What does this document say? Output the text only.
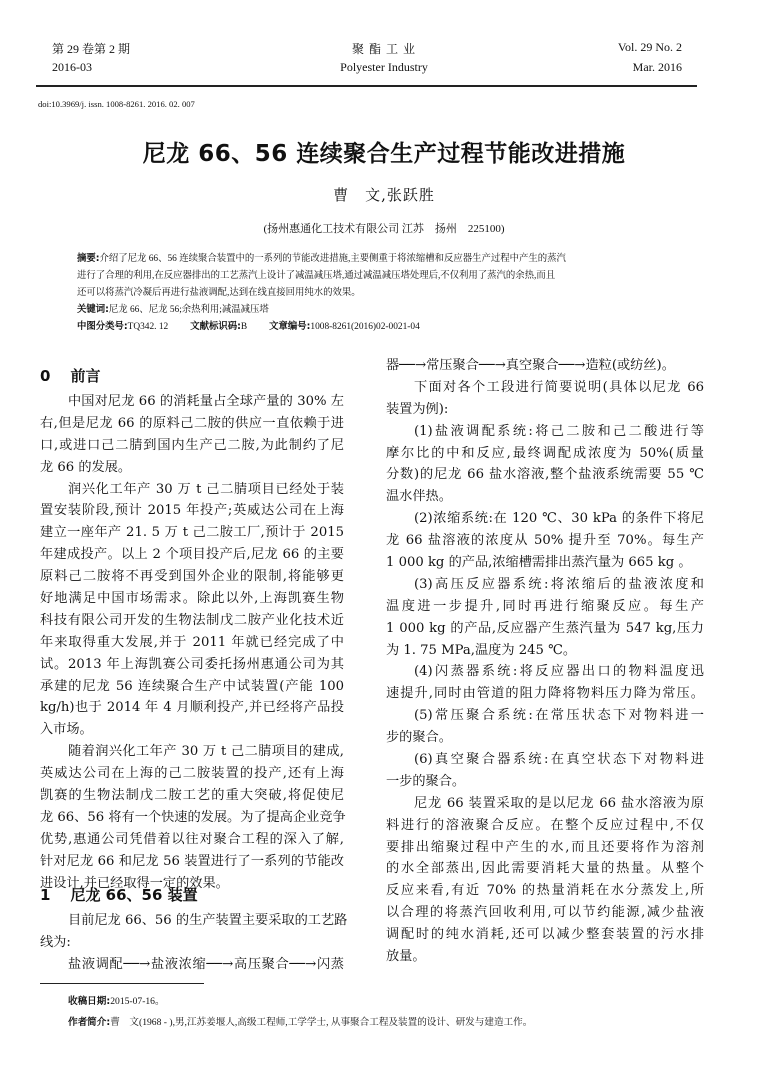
第 29 卷第 2 期
2016-03
聚 酯 工 业
Polyester Industry
Vol. 29 No. 2
Mar. 2016
doi:10.3969/j. issn. 1008-8261. 2016. 02. 007
尼龙 66、56 连续聚合生产过程节能改进措施
曹　文,张跃胜
(扬州惠通化工技术有限公司 江苏　扬州　225100)
摘要:介绍了尼龙 66、56 连续聚合装置中的一系列的节能改进措施,主要侧重于将浓缩槽和反应器生产过程中产生的蒸汽
进行了合理的利用,在反应器排出的工艺蒸汽上设计了减温减压塔,通过减温减压塔处理后,不仅利用了蒸汽的余热,而且
还可以将蒸汽冷凝后再进行盐液调配,达到在线直接回用纯水的效果。
关键词:尼龙 66、尼龙 56;余热利用;减温减压塔
中图分类号:TQ342. 12 文献标识码:B 文章编号:1008-8261(2016)02-0021-04
0 前言
中国对尼龙 66 的消耗量占全球产量的 30% 左
右,但是尼龙 66 的原料己二胺的供应一直依赖于进
口,或进口己二腈到国内生产己二胺,为此制约了尼
龙 66 的发展。
润兴化工年产 30 万 t 己二腈项目已经处于装
置安装阶段,预计 2015 年投产;英威达公司在上海
建立一座年产 21. 5 万 t 己二胺工厂,预计于 2015
年建成投产。以上 2 个项目投产后,尼龙 66 的主要
原料己二胺将不再受到国外企业的限制,将能够更
好地满足中国市场需求。除此以外,上海凯赛生物
科技有限公司开发的生物法制戊二胺产业化技术近
年来取得重大发展,并于 2011 年就已经完成了中
试。2013 年上海凯赛公司委托扬州惠通公司为其
承建的尼龙 56 连续聚合生产中试装置(产能 100
kg/h)也于 2014 年 4 月顺利投产,并已经将产品投
入市场。
随着润兴化工年产 30 万 t 己二腈项目的建成,
英威达公司在上海的己二胺装置的投产,还有上海
凯赛的生物法制戊二胺工艺的重大突破,将促使尼
龙 66、56 将有一个快速的发展。为了提高企业竞争
优势,惠通公司凭借着以往对聚合工程的深入了解,
针对尼龙 66 和尼龙 56 装置进行了一系列的节能改
进设计,并已经取得一定的效果。
1 尼龙 66、56 装置
目前尼龙 66、56 的生产装置主要采取的工艺路
线为:
盐液调配──→盐液浓缩──→高压聚合──→闪蒸
器──→常压聚合──→真空聚合──→造粒(或纺丝)。
下面对各个工段进行简要说明(具体以尼龙 66
装置为例):
(1)盐液调配系统:将己二胺和己二酸进行等
摩尔比的中和反应,最终调配成浓度为 50%(质量
分数)的尼龙 66 盐水溶液,整个盐液系统需要 55 ℃
温水伴热。
(2)浓缩系统:在 120 ℃、30 kPa 的条件下将尼
龙 66 盐溶液的浓度从 50% 提升至 70%。每生产
1 000 kg 的产品,浓缩槽需排出蒸汽量为 665 kg 。
(3)高压反应器系统:将浓缩后的盐液浓度和
温度进一步提升,同时再进行缩聚反应。每生产
1 000 kg 的产品,反应器产生蒸汽量为 547 kg,压力
为 1. 75 MPa,温度为 245 ℃。
(4)闪蒸器系统:将反应器出口的物料温度迅
速提升,同时由管道的阻力降将物料压力降为常压。
(5)常压聚合系统:在常压状态下对物料进一
步的聚合。
(6)真空聚合器系统:在真空状态下对物料进
一步的聚合。
尼龙 66 装置采取的是以尼龙 66 盐水溶液为原
料进行的溶液聚合反应。在整个反应过程中,不仅
要排出缩聚过程中产生的水,而且还要将作为溶剂
的水全部蒸出,因此需要消耗大量的热量。从整个
反应来看,有近 70% 的热量消耗在水分蒸发上,所
以合理的将蒸汽回收利用,可以节约能源,减少盐液
调配时的纯水消耗,还可以减少整套装置的污水排
放量。
收稿日期:2015-07-16。
作者简介:曹　文(1968 - ),男,江苏姜堰人,高级工程师,工学学士, 从事聚合工程及装置的设计、研发与建造工作。
